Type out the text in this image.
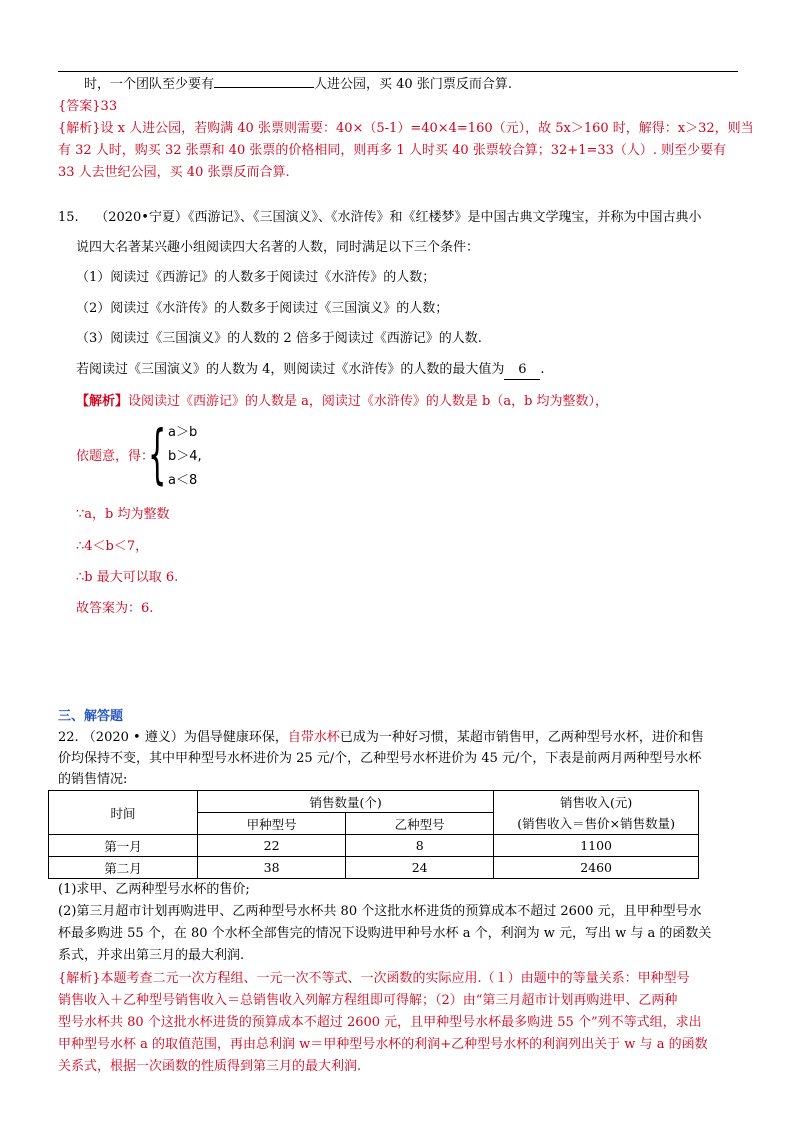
时，一个团队至少要有	人进公园，买 40 张门票反而合算.
{答案}33
{解析}设 x 人进公园，若购满 40 张票则需要：40×（5-1）=40×4=160（元），故 5x＞160 时，解得：x＞32，则当
有 32 人时，购买 32 张票和 40 张票的价格相同，则再多 1 人时买 40 张票较合算；32+1=33（人）. 则至少要有
33 人去世纪公园，买 40 张票反而合算.
15. （2020•宁夏）《西游记》、《三国演义》、《水浒传》和《红楼梦》是中国古典文学瑰宝，并称为中国古典小
说四大名著某兴趣小组阅读四大名著的人数，同时满足以下三个条件：
（1）阅读过《西游记》的人数多于阅读过《水浒传》的人数；
（2）阅读过《水浒传》的人数多于阅读过《三国演义》的人数；
（3）阅读过《三国演义》的人数的 2 倍多于阅读过《西游记》的人数.
若阅读过《三国演义》的人数为 4，则阅读过《水浒传》的人数的最大值为 6 .
【解析】设阅读过《西游记》的人数是 a，阅读过《水浒传》的人数是 b（a，b 均为整数），
依题意，得：
{ a＞b
b＞4,
a＜8
∵a，b 均为整数
∴4＜b＜7，
∴b 最大可以取 6.
故答案为：6.
三、解答题
22. （2020 • 遵义）为倡导健康环保，自带水杯已成为一种好习惯，某超市销售甲，乙两种型号水杯，进价和售
价均保持不变，其中甲种型号水杯进价为 25 元/个，乙种型号水杯进价为 45 元/个，下表是前两月两种型号水杯
的销售情况:
时间	销售数量(个)		销售收入(元)
(销售收入＝售价×销售数量)

	甲种型号	乙种型号	
第一月	22	8	1100
第二月	38	24	2460
(1)求甲、乙两种型号水杯的售价;
(2)第三月超市计划再购进甲、乙两种型号水杯共 80 个这批水杯进货的预算成本不超过 2600 元，且甲种型号水
杯最多购进 55 个，在 80 个水杯全部售完的情况下设购进甲种号水杯 a 个，利润为 w 元，写出 w 与 a 的函数关
系式，并求出第三月的最大利润.
{解析}本题考查二元一次方程组、一元一次不等式、一次函数的实际应用.（１）由题中的等量关系：甲种型号
销售收入＋乙种型号销售收入＝总销售收入列解方程组即可得解；（2）由“第三月超市计划再购进甲、乙两种
型号水杯共 80 个这批水杯进货的预算成本不超过 2600 元，且甲种型号水杯最多购进 55 个”列不等式组，求出
甲种型号水杯 a 的取值范围，再由总利润 w＝甲种型号水杯的利润+乙种型号水杯的利润列出关于 w 与 a 的函数
关系式，根据一次函数的性质得到第三月的最大利润.
